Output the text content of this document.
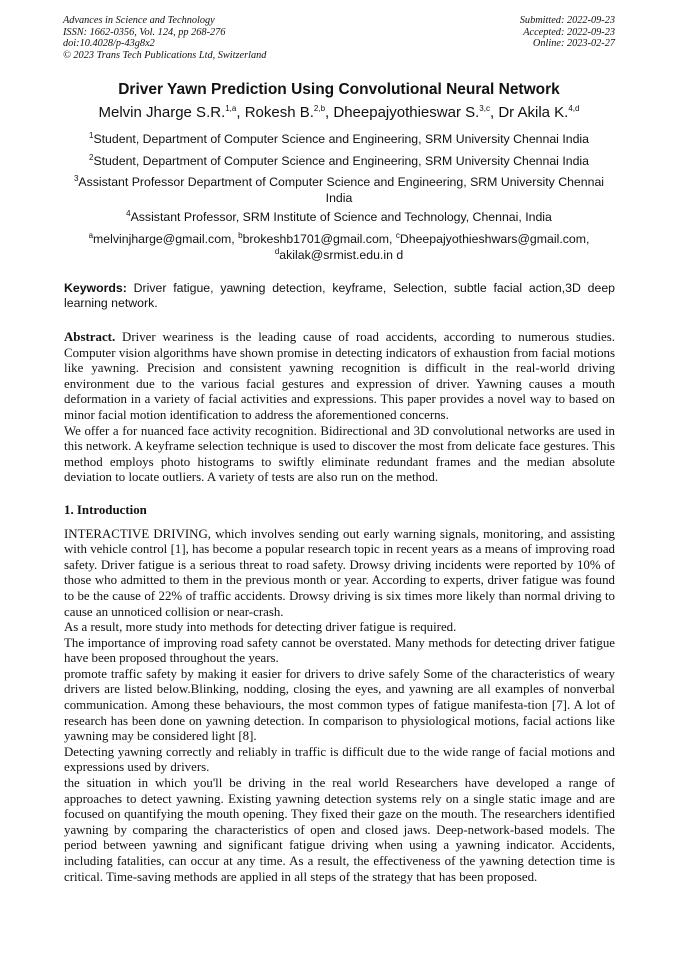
Advances in Science and Technology
ISSN: 1662-0356, Vol. 124, pp 268-276
doi:10.4028/p-43g8x2
© 2023 Trans Tech Publications Ltd, Switzerland
Submitted: 2022-09-23
Accepted: 2022-09-23
Online: 2023-02-27
Driver Yawn Prediction Using Convolutional Neural Network
Melvin Jharge S.R.$^{1,a}$, Rokesh B.$^{2,b}$, Dheepajyothieswar S.$^{3,c}$, Dr Akila K.$^{4,d}$
$^1$Student, Department of Computer Science and Engineering, SRM University Chennai India
$^2$Student, Department of Computer Science and Engineering, SRM University Chennai India
$^3$Assistant Professor Department of Computer Science and Engineering, SRM University Chennai India
$^4$Assistant Professor, SRM Institute of Science and Technology, Chennai, India
$^a$melvinjharge@gmail.com, $^b$brokeshb1701@gmail.com, $^c$Dheepajyothieshwars@gmail.com, $^d$akilak@srmist.edu.in d
Keywords: Driver fatigue, yawning detection, keyframe, Selection, subtle facial action,3D deep learning network.

Abstract. Driver weariness is the leading cause of road accidents, according to numerous studies. Computer vision algorithms have shown promise in detecting indicators of exhaustion from facial motions like yawning. Precision and consistent yawning recognition is difficult in the real-world driving environment due to the various facial gestures and expression of driver. Yawning causes a mouth deformation in a variety of facial activities and expressions. This paper provides a novel way to based on minor facial motion identification to address the aforementioned concerns.

We offer a for nuanced face activity recognition. Bidirectional and 3D convolutional networks are used in this network. A keyframe selection technique is used to discover the most from delicate face gestures. This method employs photo histograms to swiftly eliminate redundant frames and the median absolute deviation to locate outliers. A variety of tests are also run on the method.

1. Introduction

INTERACTIVE DRIVING, which involves sending out early warning signals, monitoring, and assisting with vehicle control [1], has become a popular research topic in recent years as a means of improving road safety. Driver fatigue is a serious threat to road safety. Drowsy driving incidents were reported by 10% of those who admitted to them in the previous month or year. According to experts, driver fatigue was found to be the cause of 22% of traffic accidents. Drowsy driving is six times more likely than normal driving to cause an unnoticed collision or near-crash.

As a result, more study into methods for detecting driver fatigue is required.

The importance of improving road safety cannot be overstated. Many methods for detecting driver fatigue have been proposed throughout the years.

promote traffic safety by making it easier for drivers to drive safely Some of the characteristics of weary drivers are listed below.Blinking, nodding, closing the eyes, and yawning are all examples of nonverbal communication. Among these behaviours, the most common types of fatigue manifesta-tion [7]. A lot of research has been done on yawning detection. In comparison to physiological motions, facial actions like yawning may be considered light [8].

Detecting yawning correctly and reliably in traffic is difficult due to the wide range of facial motions and expressions used by drivers.

the situation in which you'll be driving in the real world Researchers have developed a range of approaches to detect yawning. Existing yawning detection systems rely on a single static image and are focused on quantifying the mouth opening. They fixed their gaze on the mouth. The researchers identified yawning by comparing the characteristics of open and closed jaws. Deep-network-based models. The period between yawning and significant fatigue driving when using a yawning indicator. Accidents, including fatalities, can occur at any time. As a result, the effectiveness of the yawning detection time is critical. Time-saving methods are applied in all steps of the strategy that has been proposed.
